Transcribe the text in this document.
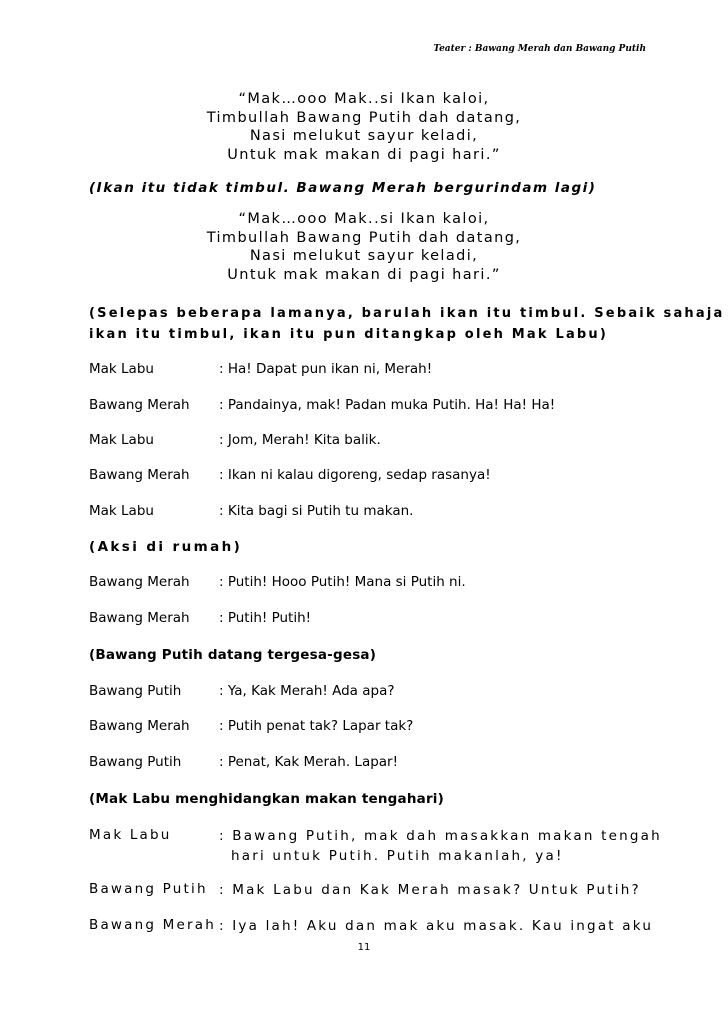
Teater : Bawang Merah dan Bawang Putih
“Mak…ooo Mak..si Ikan kaloi,
Timbullah Bawang Putih dah datang,
Nasi melukut sayur keladi,
Untuk mak makan di pagi hari.”
(Ikan itu tidak timbul. Bawang Merah bergurindam lagi)
“Mak…ooo Mak..si Ikan kaloi,
Timbullah Bawang Putih dah datang,
Nasi melukut sayur keladi,
Untuk mak makan di pagi hari.”
(Selepas beberapa lamanya, barulah ikan itu timbul. Sebaik sahaja
ikan itu timbul, ikan itu pun ditangkap oleh Mak Labu)
Mak Labu	: Ha! Dapat pun ikan ni, Merah!
Bawang Merah : Pandainya, mak! Padan muka Putih. Ha! Ha! Ha!
Mak Labu	: Jom, Merah! Kita balik.
Bawang Merah : Ikan ni kalau digoreng, sedap rasanya!
Mak Labu	: Kita bagi si Putih tu makan.
(Aksi di rumah)
Bawang Merah : Putih! Hooo Putih! Mana si Putih ni.
Bawang Merah : Putih! Putih!
(Bawang Putih datang tergesa-gesa)
Bawang Putih	: Ya, Kak Merah! Ada apa?
Bawang Merah : Putih penat tak? Lapar tak?
Bawang Putih	: Penat, Kak Merah. Lapar!
(Mak Labu menghidangkan makan tengahari)
Mak Labu	: Bawang Putih, mak dah masakkan makan tengah
hari untuk Putih. Putih makanlah, ya!
Bawang Putih : Mak Labu dan Kak Merah masak? Untuk Putih?
Bawang Merah : Iya lah! Aku dan mak aku masak. Kau ingat aku
11
